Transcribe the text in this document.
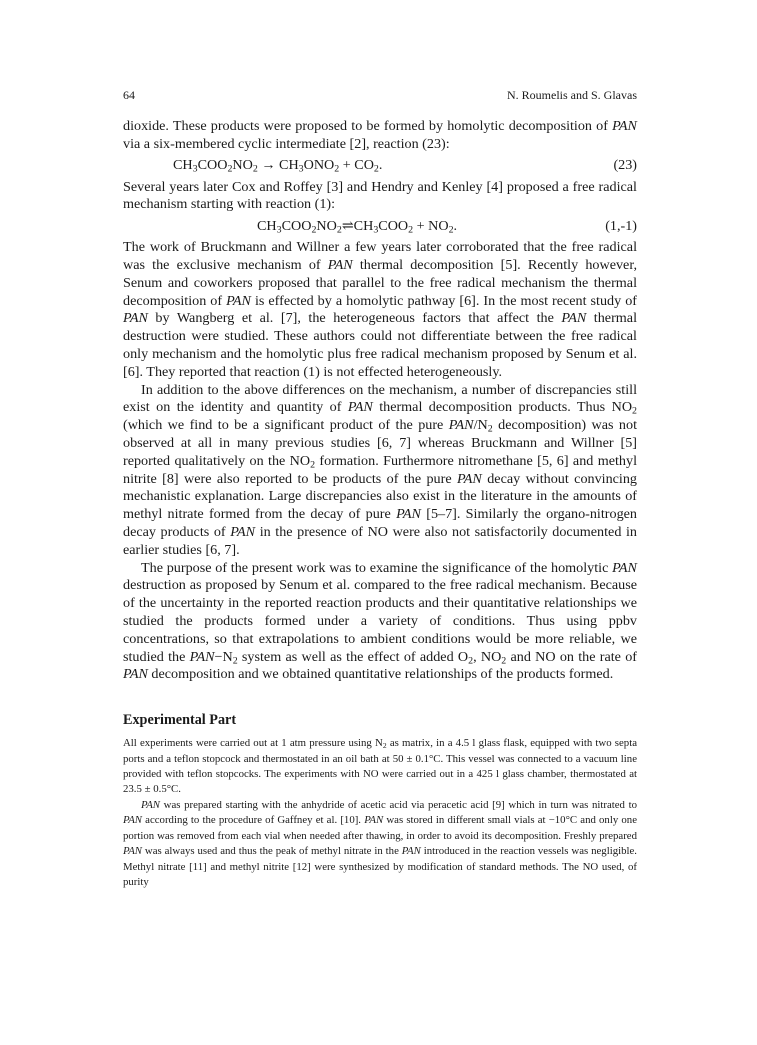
64	N. Roumelis and S. Glavas

dioxide. These products were proposed to be formed by homolytic decomposition of PAN via a six-membered cyclic intermediate [2], reaction (23):

$CH_3COO_2NO_2 \to CH_3ONO_2 + CO_2$.	(23)

Several years later Cox and Roffey [3] and Hendry and Kenley [4] proposed a free radical mechanism starting with reaction (1):

$CH_3COO_2NO_2\rightleftharpoons CH_3COO_2 + NO_2$.	(1,-1)

The work of Bruckmann and Willner a few years later corroborated that the free radical was the exclusive mechanism of PAN thermal decomposition [5]. Recently however, Senum and coworkers proposed that parallel to the free radical mechanism the thermal decomposition of PAN is effected by a homolytic pathway [6]. In the most recent study of PAN by Wangberg et al. [7], the heterogeneous factors that affect the PAN thermal destruction were studied. These authors could not differentiate between the free radical only mechanism and the homolytic plus free radical mechanism proposed by Senum et al. [6]. They reported that reaction (1) is not effected heterogeneously.

In addition to the above differences on the mechanism, a number of discrepancies still exist on the identity and quantity of PAN thermal decomposition products. Thus $NO_2$ (which we find to be a significant product of the pure PAN/$N_2$ decomposition) was not observed at all in many previous studies [6, 7] whereas Bruckmann and Willner [5] reported qualitatively on the $NO_2$ formation. Furthermore nitromethane [5, 6] and methyl nitrite [8] were also reported to be products of the pure PAN decay without convincing mechanistic explanation. Large discrepancies also exist in the literature in the amounts of methyl nitrate formed from the decay of pure PAN [5–7]. Similarly the organo-nitrogen decay products of PAN in the presence of NO were also not satisfactorily documented in earlier studies [6, 7].

The purpose of the present work was to examine the significance of the homolytic PAN destruction as proposed by Senum et al. compared to the free radical mechanism. Because of the uncertainty in the reported reaction products and their quantitative relationships we studied the products formed under a variety of conditions. Thus using ppbv concentrations, so that extrapolations to ambient conditions would be more reliable, we studied the $PAN-N_2$ system as well as the effect of added $O_2$, $NO_2$ and NO on the rate of PAN decomposition and we obtained quantitative relationships of the products formed.

Experimental Part

All experiments were carried out at 1 atm pressure using $N_2$ as matrix, in a 4.5 l glass flask, equipped with two septa ports and a teflon stopcock and thermostated in an oil bath at 50 ± 0.1°C. This vessel was connected to a vacuum line provided with teflon stopcocks. The experiments with NO were carried out in a 425 l glass chamber, thermostated at 23.5 ± 0.5°C.

PAN was prepared starting with the anhydride of acetic acid via peracetic acid [9] which in turn was nitrated to PAN according to the procedure of Gaffney et al. [10]. PAN was stored in different small vials at −10°C and only one portion was removed from each vial when needed after thawing, in order to avoid its decomposition. Freshly prepared PAN was always used and thus the peak of methyl nitrate in the PAN introduced in the reaction vessels was negligible. Methyl nitrate [11] and methyl nitrite [12] were synthesized by modification of standard methods. The NO used, of purity
